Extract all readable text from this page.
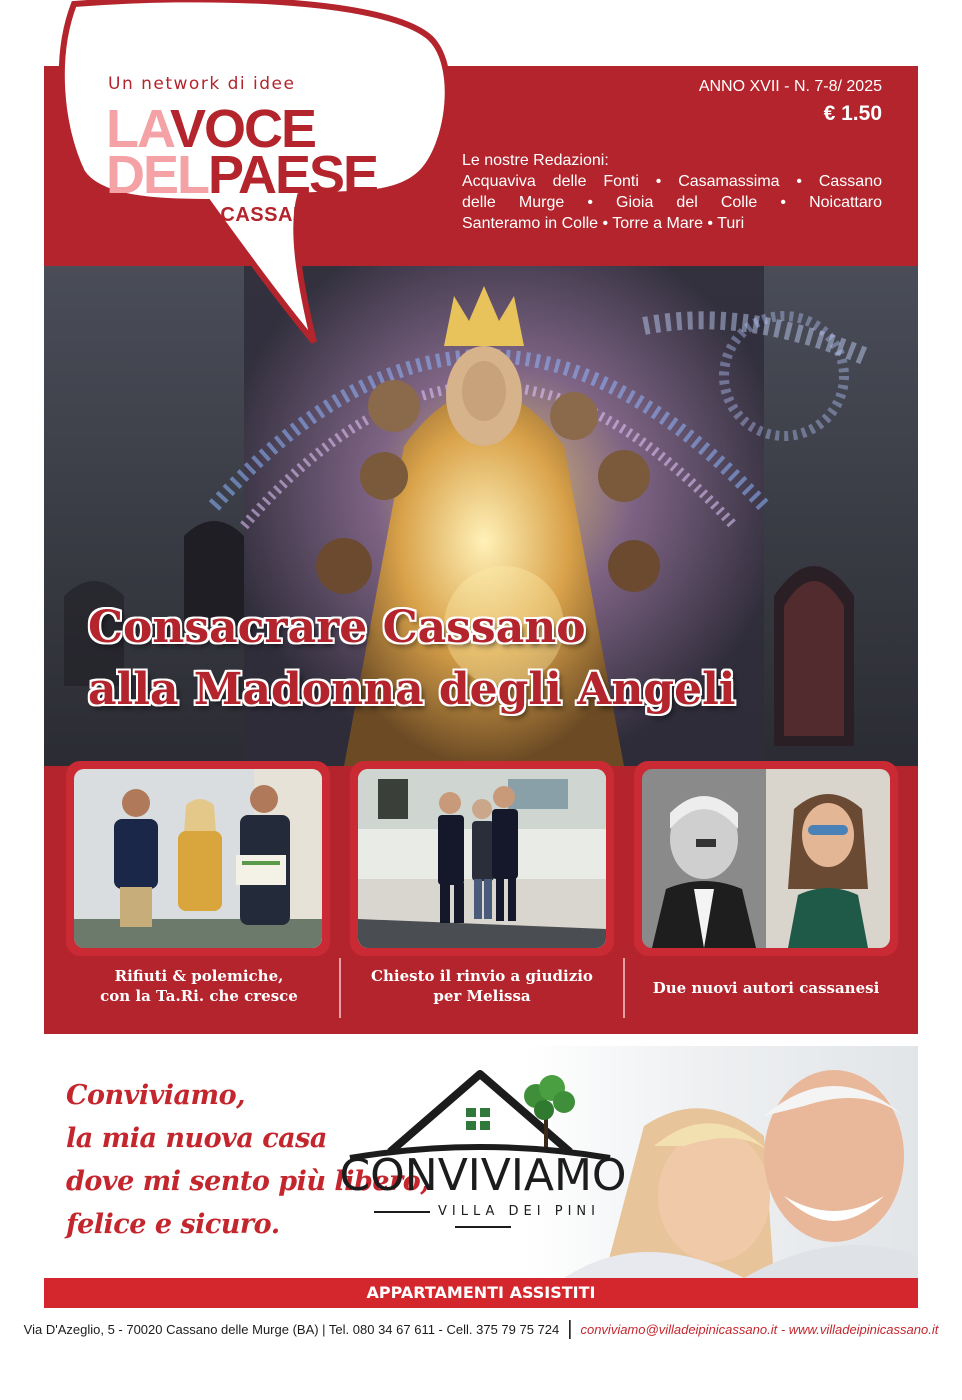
Un network di idee
LAVOCE
DELPAESE
CASSANO DELLE
MURGE
ANNO XVII - N. 7-8/ 2025
€ 1.50
Le nostre Redazioni:
Acquaviva delle Fonti • Casamassima • Cassano
delle Murge • Gioia del Colle • Noicattaro
Santeramo in Colle • Torre a Mare • Turi
Consacrare Cassano
alla Madonna degli Angeli
Rifiuti & polemiche,
con la Ta.Ri. che cresce
Chiesto il rinvio a giudizio
per Melissa	Due nuovi autori cassanesi
Conviviamo,
la mia nuova casa
dove mi sento più libero,
felice e sicuro.
CONVIVIAMO
VILLA DEI PINI
APPARTAMENTI ASSISTITI
Via D'Azeglio, 5 - 70020 Cassano delle Murge (BA) | Tel. 080 34 67 611 - Cell. 375 79 75 724 | conviviamo@villadeipinicassano.it - www.villadeipinicassano.it
